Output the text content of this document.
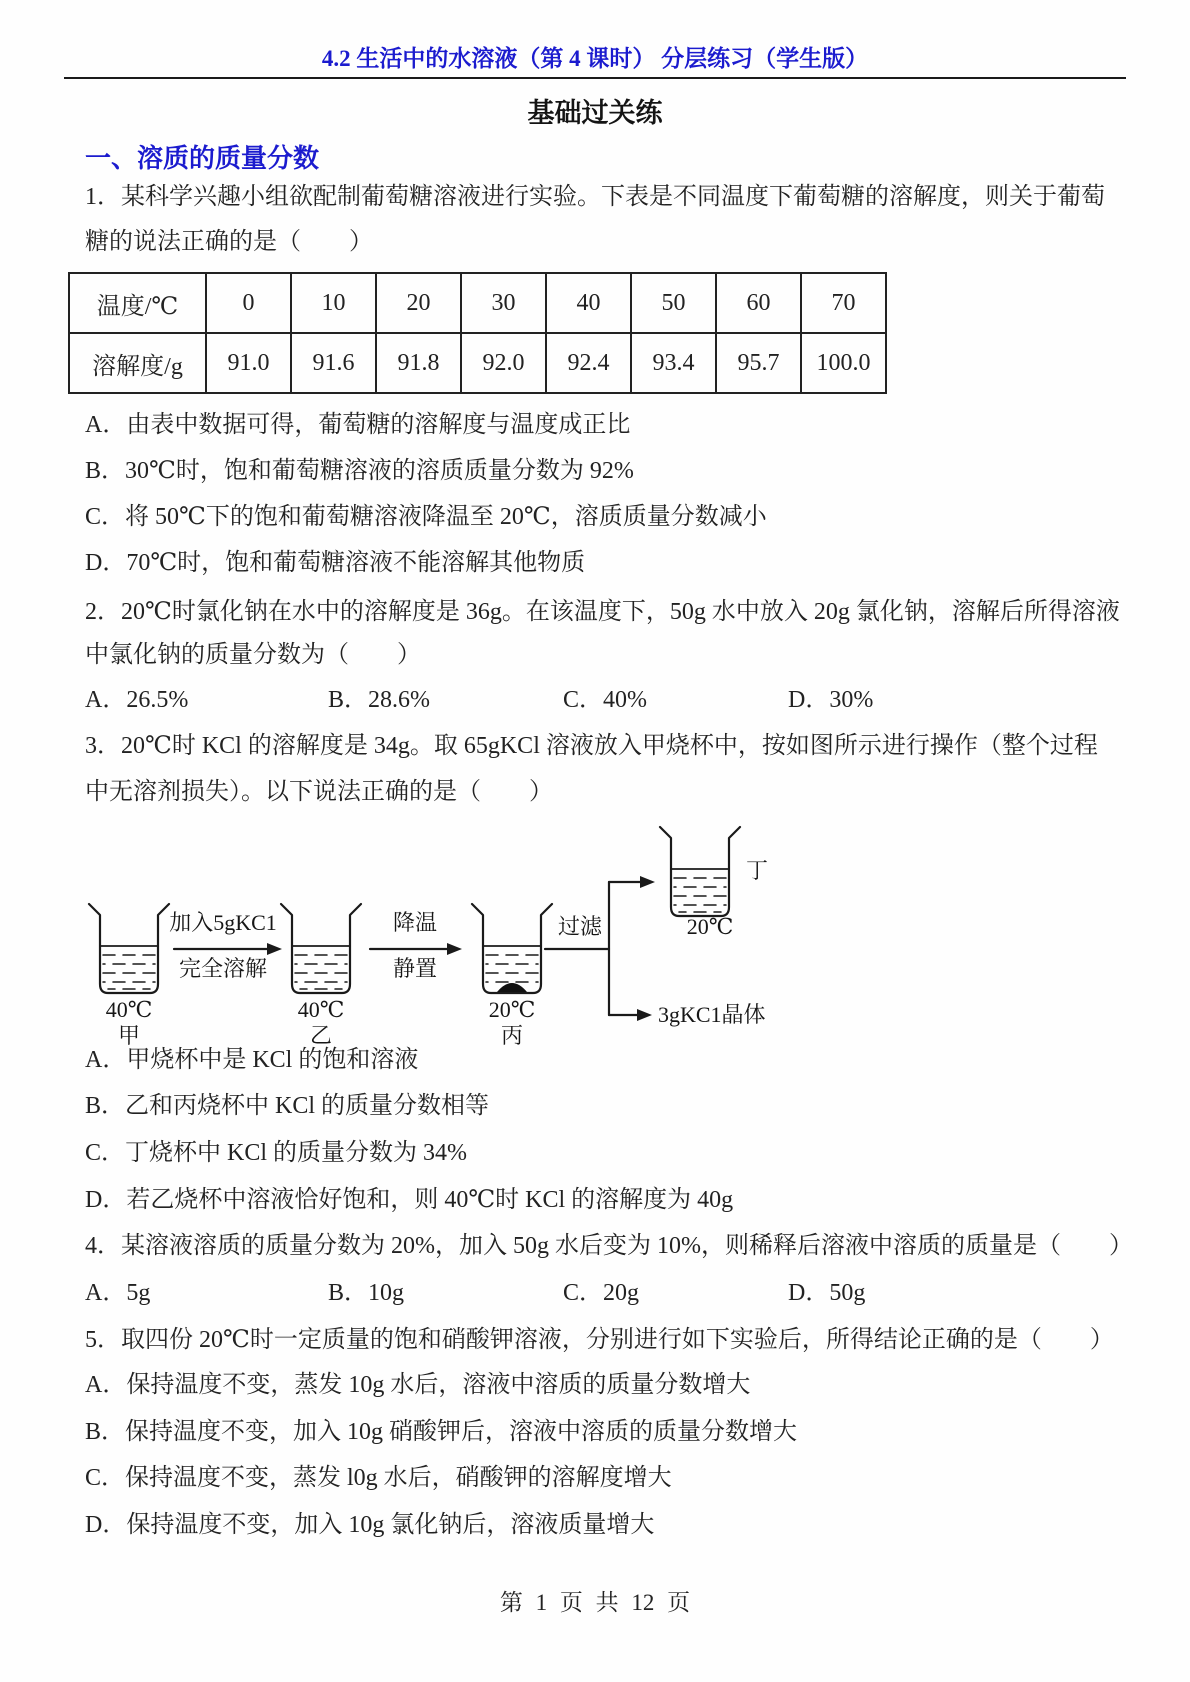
4.2 生活中的水溶液（第 4 课时） 分层练习（学生版）
基础过关练
一、溶质的质量分数
1．某科学兴趣小组欲配制葡萄糖溶液进行实验。下表是不同温度下葡萄糖的溶解度，则关于葡萄
糖的说法正确的是（　　）
温度/℃	0	10	20	30	40	50	60	70
溶解度/g	91.0	91.6	91.8	92.0	92.4	93.4	95.7	100.0
A．由表中数据可得，葡萄糖的溶解度与温度成正比
B．30℃时，饱和葡萄糖溶液的溶质质量分数为 92%
C．将 50℃下的饱和葡萄糖溶液降温至 20℃，溶质质量分数减小
D．70℃时，饱和葡萄糖溶液不能溶解其他物质
2．20℃时氯化钠在水中的溶解度是 36g。在该温度下，50g 水中放入 20g 氯化钠，溶解后所得溶液
中氯化钠的质量分数为（　　）
A．26.5%	B．28.6%	C．40%	D．30%
3．20℃时 KCl 的溶解度是 34g。取 65gKCl 溶液放入甲烧杯中，按如图所示进行操作（整个过程
中无溶剂损失）。以下说法正确的是（　　）
加入5gKC1
完全溶解
降温
静置
过滤
丁
20℃
3gKC1晶体
40℃
甲
40℃
乙
20℃
丙
A．甲烧杯中是 KCl 的饱和溶液
B．乙和丙烧杯中 KCl 的质量分数相等
C．丁烧杯中 KCl 的质量分数为 34%
D．若乙烧杯中溶液恰好饱和，则 40℃时 KCl 的溶解度为 40g
4．某溶液溶质的质量分数为 20%，加入 50g 水后变为 10%，则稀释后溶液中溶质的质量是（　　）
A．5g	B．10g	C．20g	D．50g
5．取四份 20℃时一定质量的饱和硝酸钾溶液，分别进行如下实验后，所得结论正确的是（　　）
A．保持温度不变，蒸发 10g 水后，溶液中溶质的质量分数增大
B．保持温度不变，加入 10g 硝酸钾后，溶液中溶质的质量分数增大
C．保持温度不变，蒸发 l0g 水后，硝酸钾的溶解度增大
D．保持温度不变，加入 10g 氯化钠后，溶液质量增大
第 1 页 共 12 页
